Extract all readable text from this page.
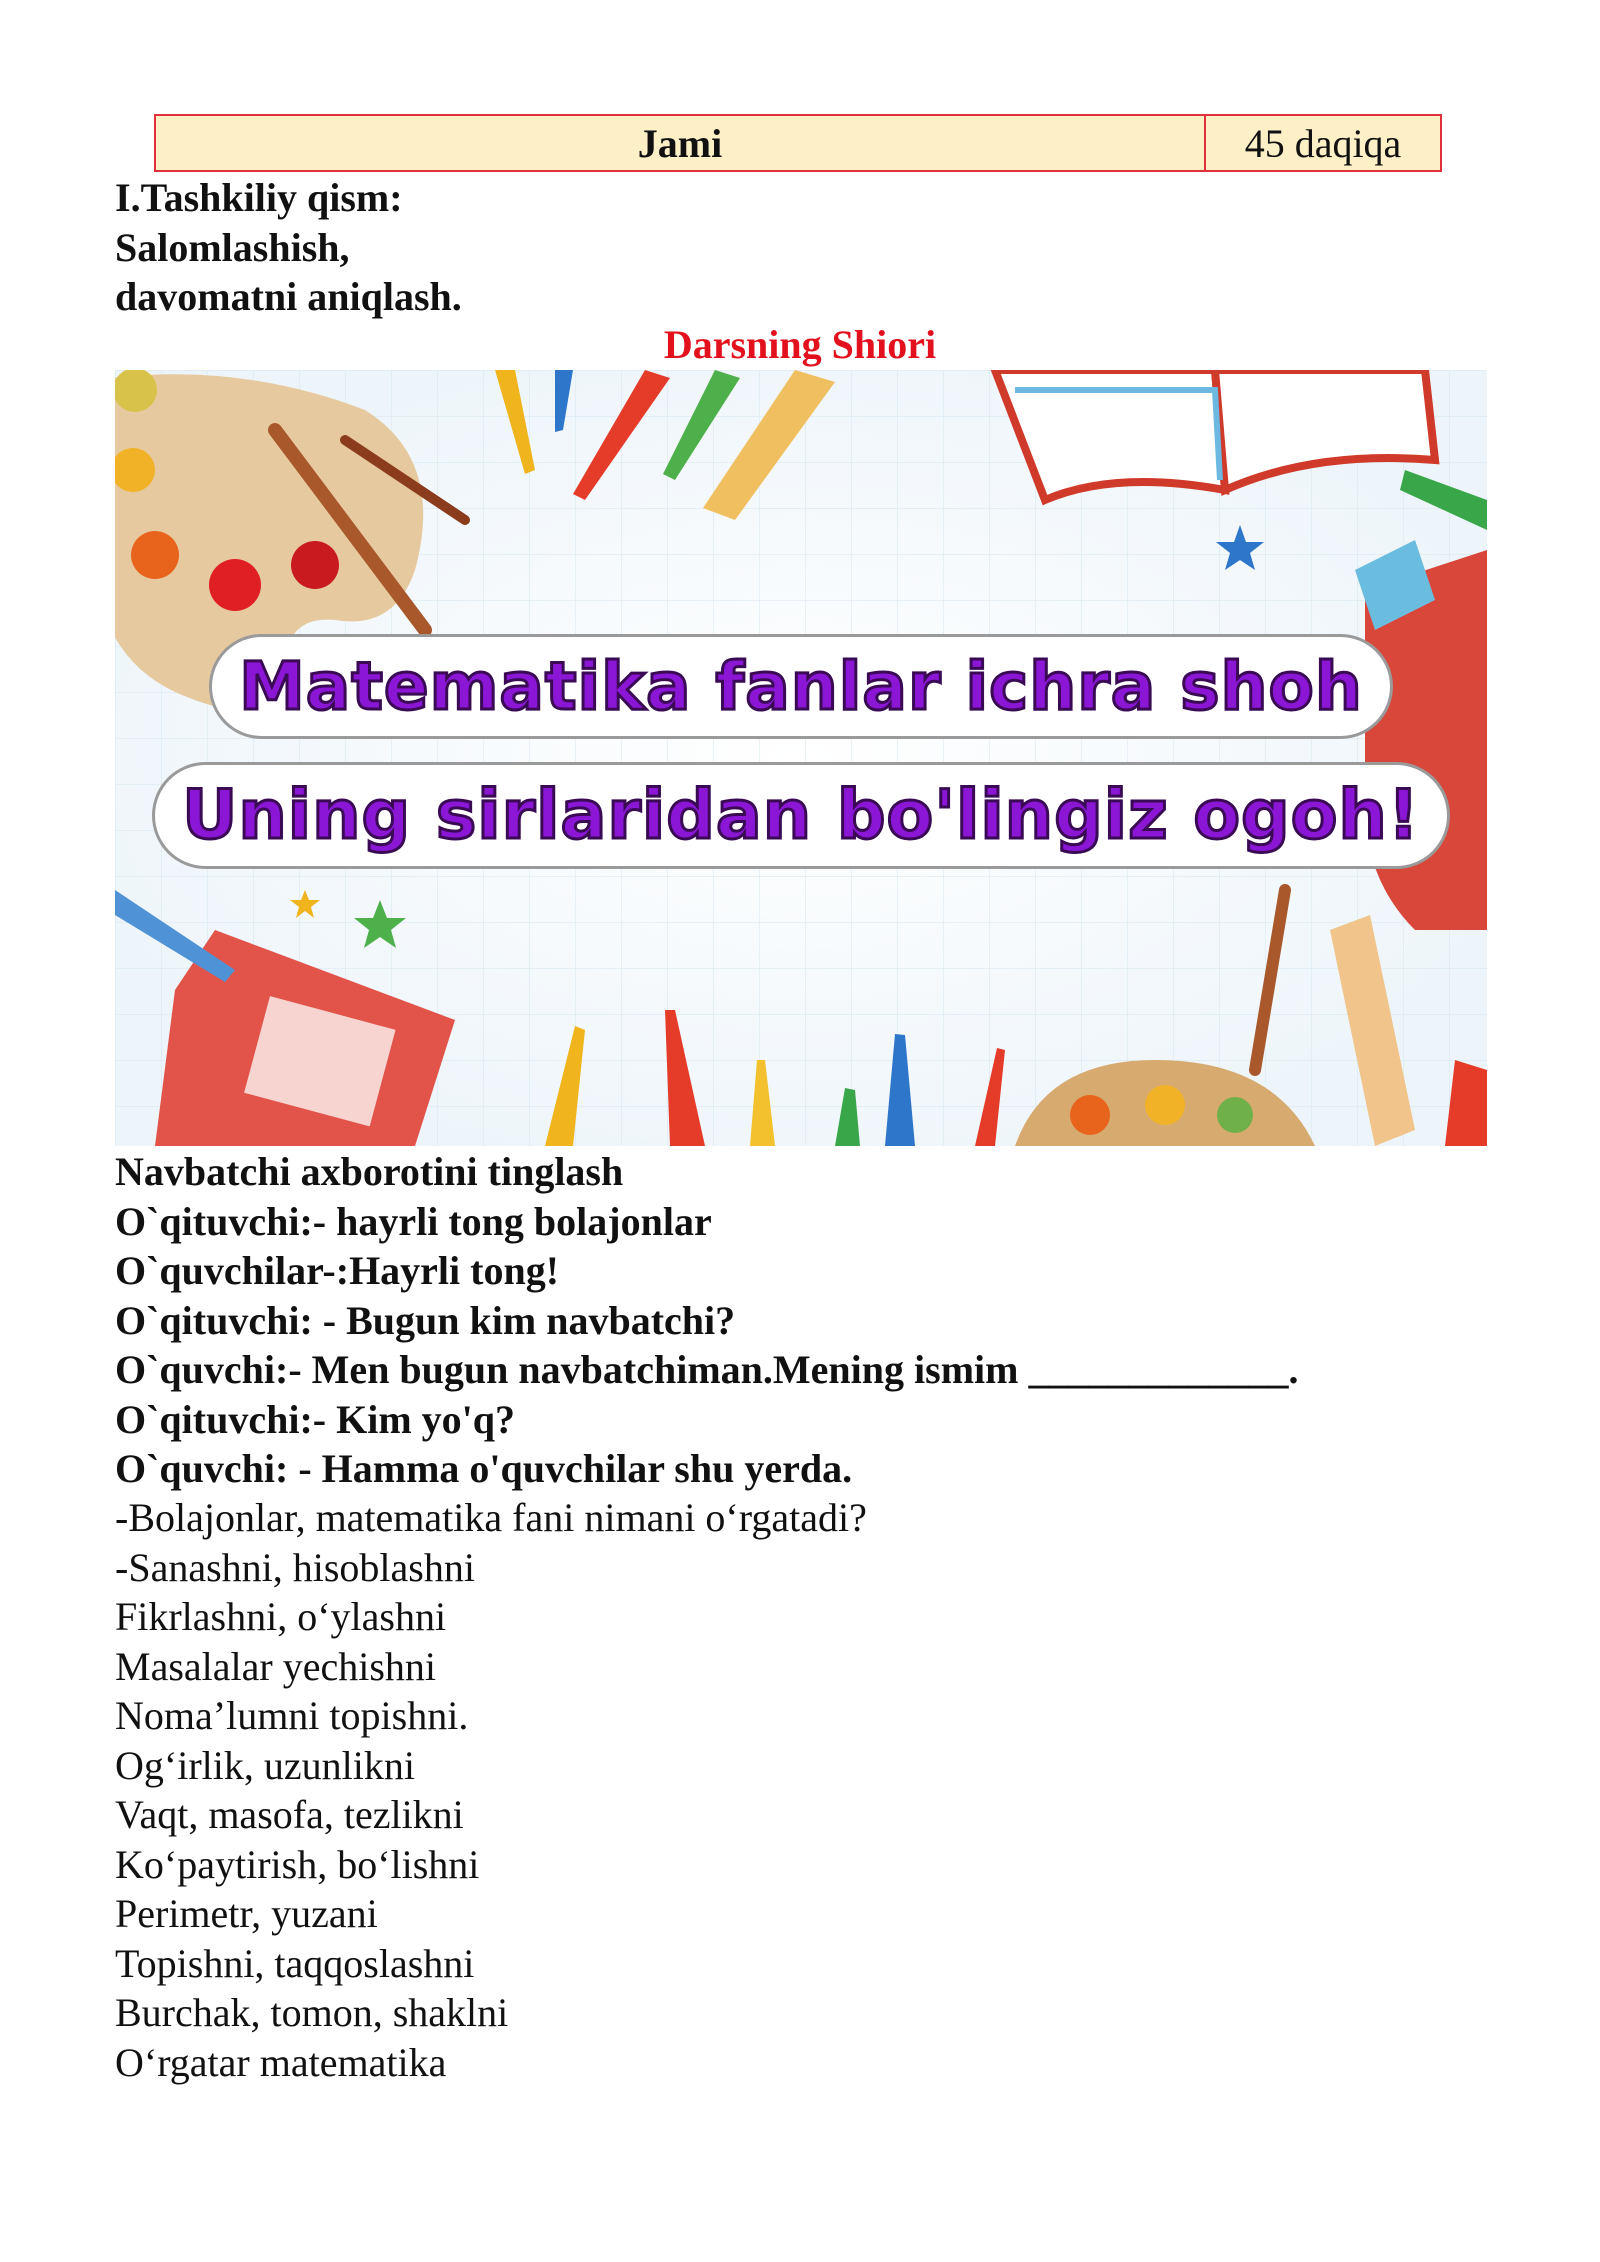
Jami	45 daqiqa
I.Tashkiliy qism:
Salomlashish,
davomatni aniqlash.
Darsning Shiori
Matematika fanlar ichra shoh
Uning sirlaridan bo'lingiz ogoh!
Navbatchi axborotini tinglash
O`qituvchi:- hayrli tong bolajonlar
O`quvchilar-:Hayrli tong!
O`qituvchi: - Bugun kim navbatchi?
O`quvchi:- Men bugun navbatchiman.Mening ismim _____________.
O`qituvchi:- Kim yo'q?
O`quvchi: - Hamma o'quvchilar shu yerda.
-Bolajonlar, matematika fani nimani o‘rgatadi?
-Sanashni, hisoblashni
Fikrlashni, o‘ylashni
Masalalar yechishni
Noma’lumni topishni.
Og‘irlik, uzunlikni
Vaqt, masofa, tezlikni
Ko‘paytirish, bo‘lishni
Perimetr, yuzani
Topishni, taqqoslashni
Burchak, tomon, shaklni
O‘rgatar matematika
